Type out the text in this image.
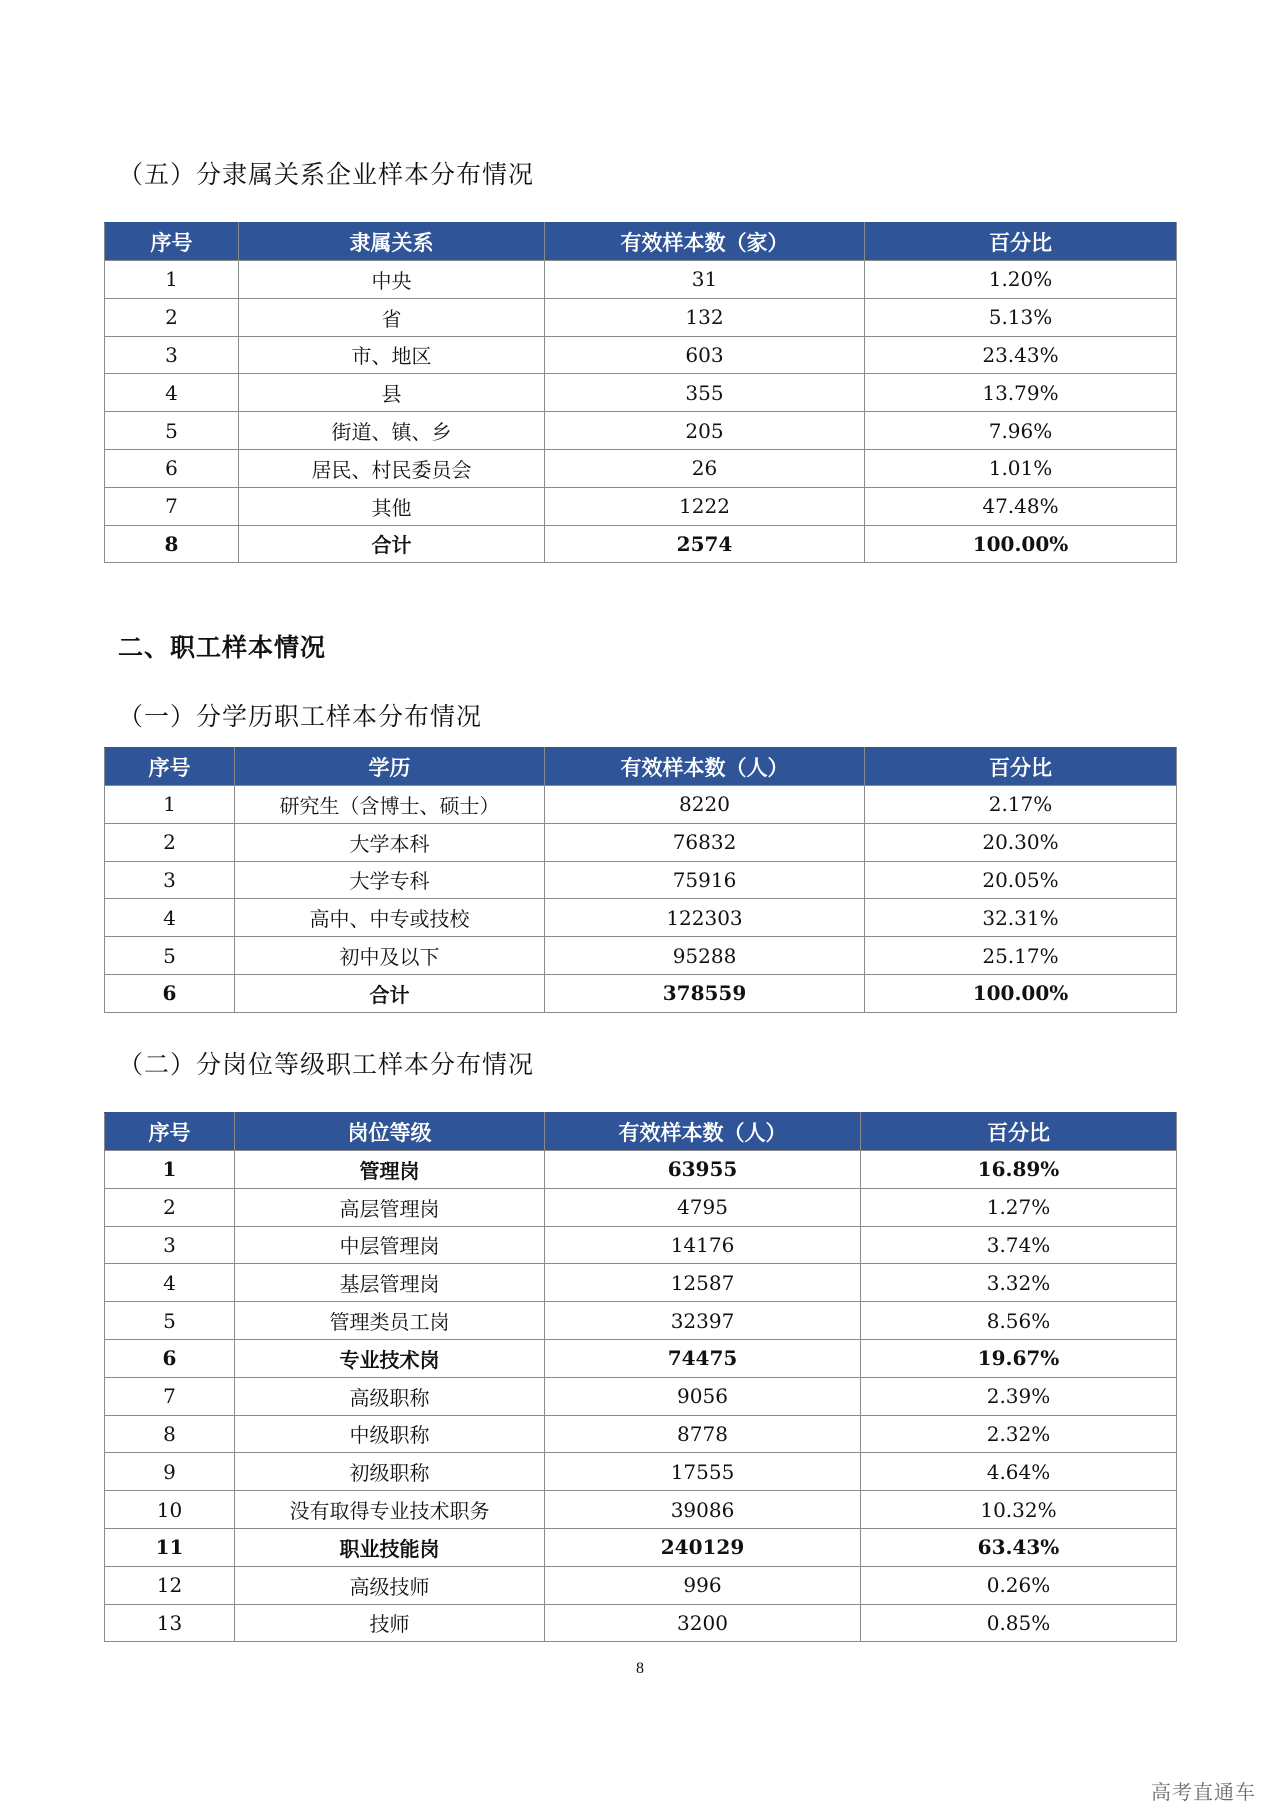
（五）分隶属关系企业样本分布情况
序号	隶属关系	有效样本数（家）	百分比
1	中央	31	1.20%
2	省	132	5.13%
3	市、地区	603	23.43%
4	县	355	13.79%
5	街道、镇、乡	205	7.96%
6	居民、村民委员会	26	1.01%
7	其他	1222	47.48%
8	合计	2574	100.00%
二、职工样本情况
（一）分学历职工样本分布情况
序号	学历	有效样本数（人）	百分比
1	研究生（含博士、硕士）	8220	2.17%
2	大学本科	76832	20.30%
3	大学专科	75916	20.05%
4	高中、中专或技校	122303	32.31%
5	初中及以下	95288	25.17%
6	合计	378559	100.00%
（二）分岗位等级职工样本分布情况
序号	岗位等级	有效样本数（人）	百分比
1	管理岗	63955	16.89%
2	高层管理岗	4795	1.27%
3	中层管理岗	14176	3.74%
4	基层管理岗	12587	3.32%
5	管理类员工岗	32397	8.56%
6	专业技术岗	74475	19.67%
7	高级职称	9056	2.39%
8	中级职称	8778	2.32%
9	初级职称	17555	4.64%
10	没有取得专业技术职务	39086	10.32%
11	职业技能岗	240129	63.43%
12	高级技师	996	0.26%
13	技师	3200	0.85%
8
高考直通车
